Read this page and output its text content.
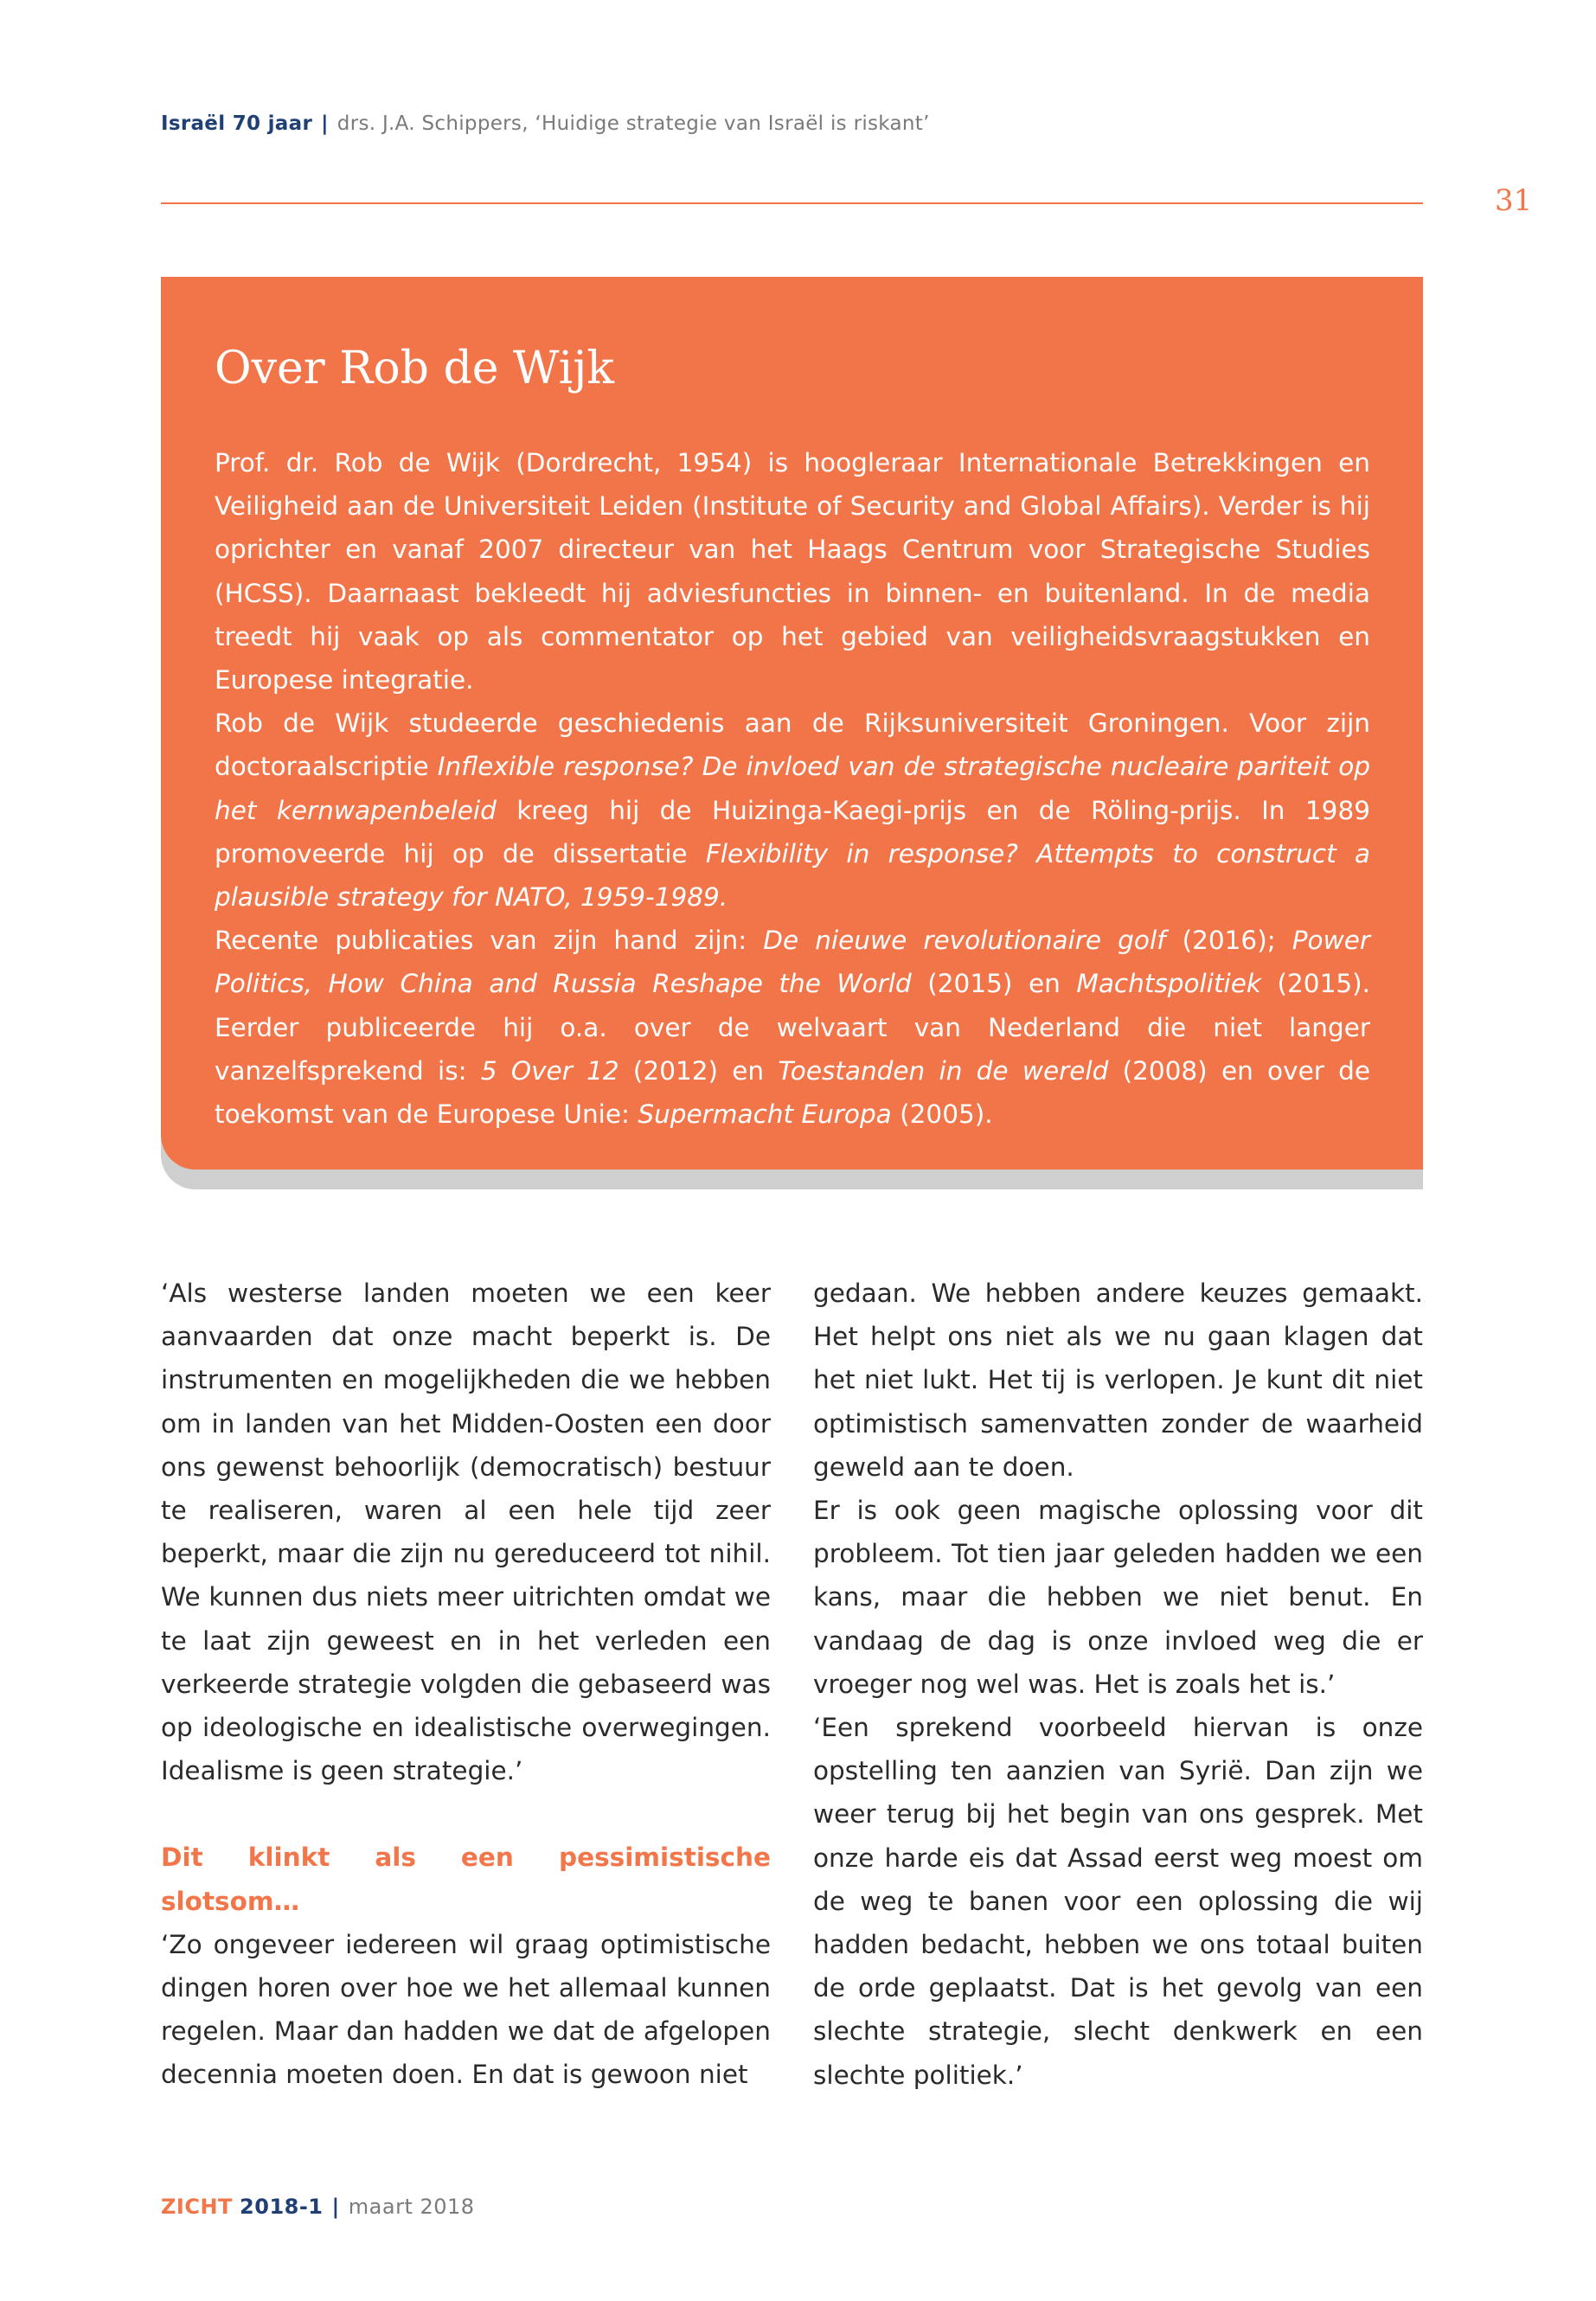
Israël 70 jaar | drs. J.A. Schippers, ‘Huidige strategie van Israël is riskant’
31
Over Rob de Wijk

Prof. dr. Rob de Wijk (Dordrecht, 1954) is hoogleraar Internationale Betrekkingen en Veiligheid aan de Universiteit Leiden (Institute of Security and Global Affairs). Verder is hij oprichter en vanaf 2007 directeur van het Haags Centrum voor Strategische Studies (HCSS). Daarnaast bekleedt hij adviesfuncties in binnen- en buitenland. In de media treedt hij vaak op als commentator op het gebied van veiligheidsvraagstukken en Europese integratie.

Rob de Wijk studeerde geschiedenis aan de Rijksuniversiteit Groningen. Voor zijn doctoraalscriptie Inflexible response? De invloed van de strategische nucleaire pariteit op het kernwapenbeleid kreeg hij de Huizinga-Kaegi-prijs en de Röling-prijs. In 1989 promoveerde hij op de dissertatie Flexibility in response? Attempts to construct a plausible strategy for NATO, 1959-1989.

Recente publicaties van zijn hand zijn: De nieuwe revolutionaire golf (2016); Power Politics, How China and Russia Reshape the World (2015) en Machtspolitiek (2015). Eerder publiceerde hij o.a. over de welvaart van Nederland die niet langer vanzelfsprekend is: 5 Over 12 (2012) en Toestanden in de wereld (2008) en over de toekomst van de Europese Unie: Supermacht Europa (2005).

‘Als westerse landen moeten we een keer aanvaarden dat onze macht beperkt is. De instrumenten en mogelijkheden die we hebben om in landen van het Midden-Oosten een door ons gewenst behoorlijk (democratisch) bestuur te realiseren, waren al een hele tijd zeer beperkt, maar die zijn nu gereduceerd tot nihil. We kunnen dus niets meer uitrichten omdat we te laat zijn geweest en in het verleden een verkeerde strategie volgden die gebaseerd was op ideologische en idealistische overwegingen. Idealisme is geen strategie.’

Dit klinkt als een pessimistische slotsom…

‘Zo ongeveer iedereen wil graag optimistische dingen horen over hoe we het allemaal kunnen regelen. Maar dan hadden we dat de afgelopen decennia moeten doen. En dat is gewoon niet

gedaan. We hebben andere keuzes gemaakt. Het helpt ons niet als we nu gaan klagen dat het niet lukt. Het tij is verlopen. Je kunt dit niet optimistisch samenvatten zonder de waarheid geweld aan te doen.

Er is ook geen magische oplossing voor dit probleem. Tot tien jaar geleden hadden we een kans, maar die hebben we niet benut. En vandaag de dag is onze invloed weg die er vroeger nog wel was. Het is zoals het is.’

‘Een sprekend voorbeeld hiervan is onze opstelling ten aanzien van Syrië. Dan zijn we weer terug bij het begin van ons gesprek. Met onze harde eis dat Assad eerst weg moest om de weg te banen voor een oplossing die wij hadden bedacht, hebben we ons totaal buiten de orde geplaatst. Dat is het gevolg van een slechte strategie, slecht denkwerk en een slechte politiek.’

ZICHT 2018-1 | maart 2018
